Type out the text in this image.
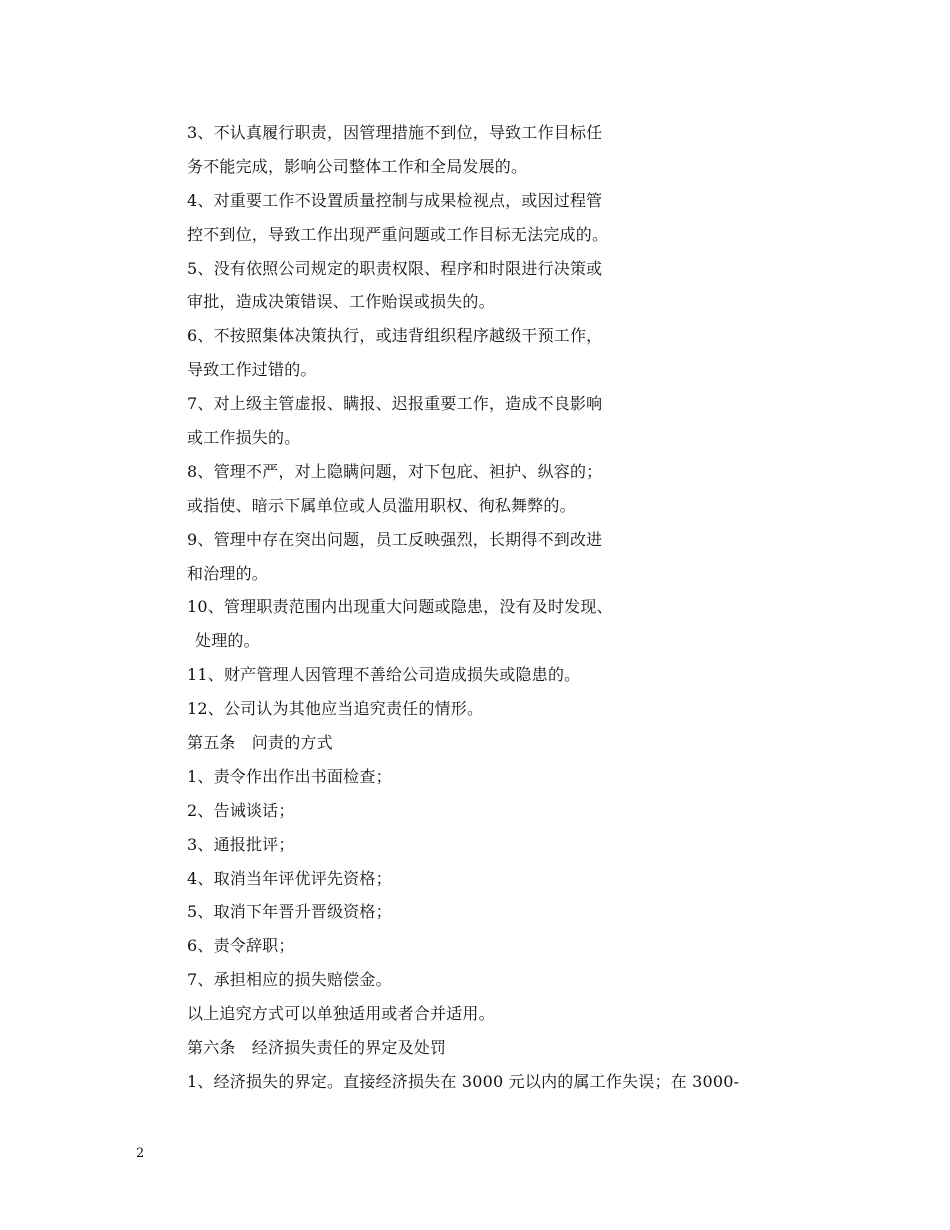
3、不认真履行职责，因管理措施不到位，导致工作目标任
务不能完成，影响公司整体工作和全局发展的。
4、对重要工作不设置质量控制与成果检视点，或因过程管
控不到位，导致工作出现严重问题或工作目标无法完成的。
5、没有依照公司规定的职责权限、程序和时限进行决策或
审批，造成决策错误、工作贻误或损失的。
6、不按照集体决策执行，或违背组织程序越级干预工作，
导致工作过错的。
7、对上级主管虚报、瞒报、迟报重要工作，造成不良影响
或工作损失的。
8、管理不严，对上隐瞒问题，对下包庇、袒护、纵容的；
或指使、暗示下属单位或人员滥用职权、徇私舞弊的。
9、管理中存在突出问题，员工反映强烈，长期得不到改进
和治理的。
10、管理职责范围内出现重大问题或隐患，没有及时发现、
处理的。
11、财产管理人因管理不善给公司造成损失或隐患的。
12、公司认为其他应当追究责任的情形。
第五条　问责的方式
1、责令作出作出书面检查；
2、告诫谈话；
3、通报批评；
4、取消当年评优评先资格；
5、取消下年晋升晋级资格；
6、责令辞职；
7、承担相应的损失赔偿金。
以上追究方式可以单独适用或者合并适用。
第六条　经济损失责任的界定及处罚
1、经济损失的界定。直接经济损失在 3000 元以内的属工作失误；在 3000-
2
